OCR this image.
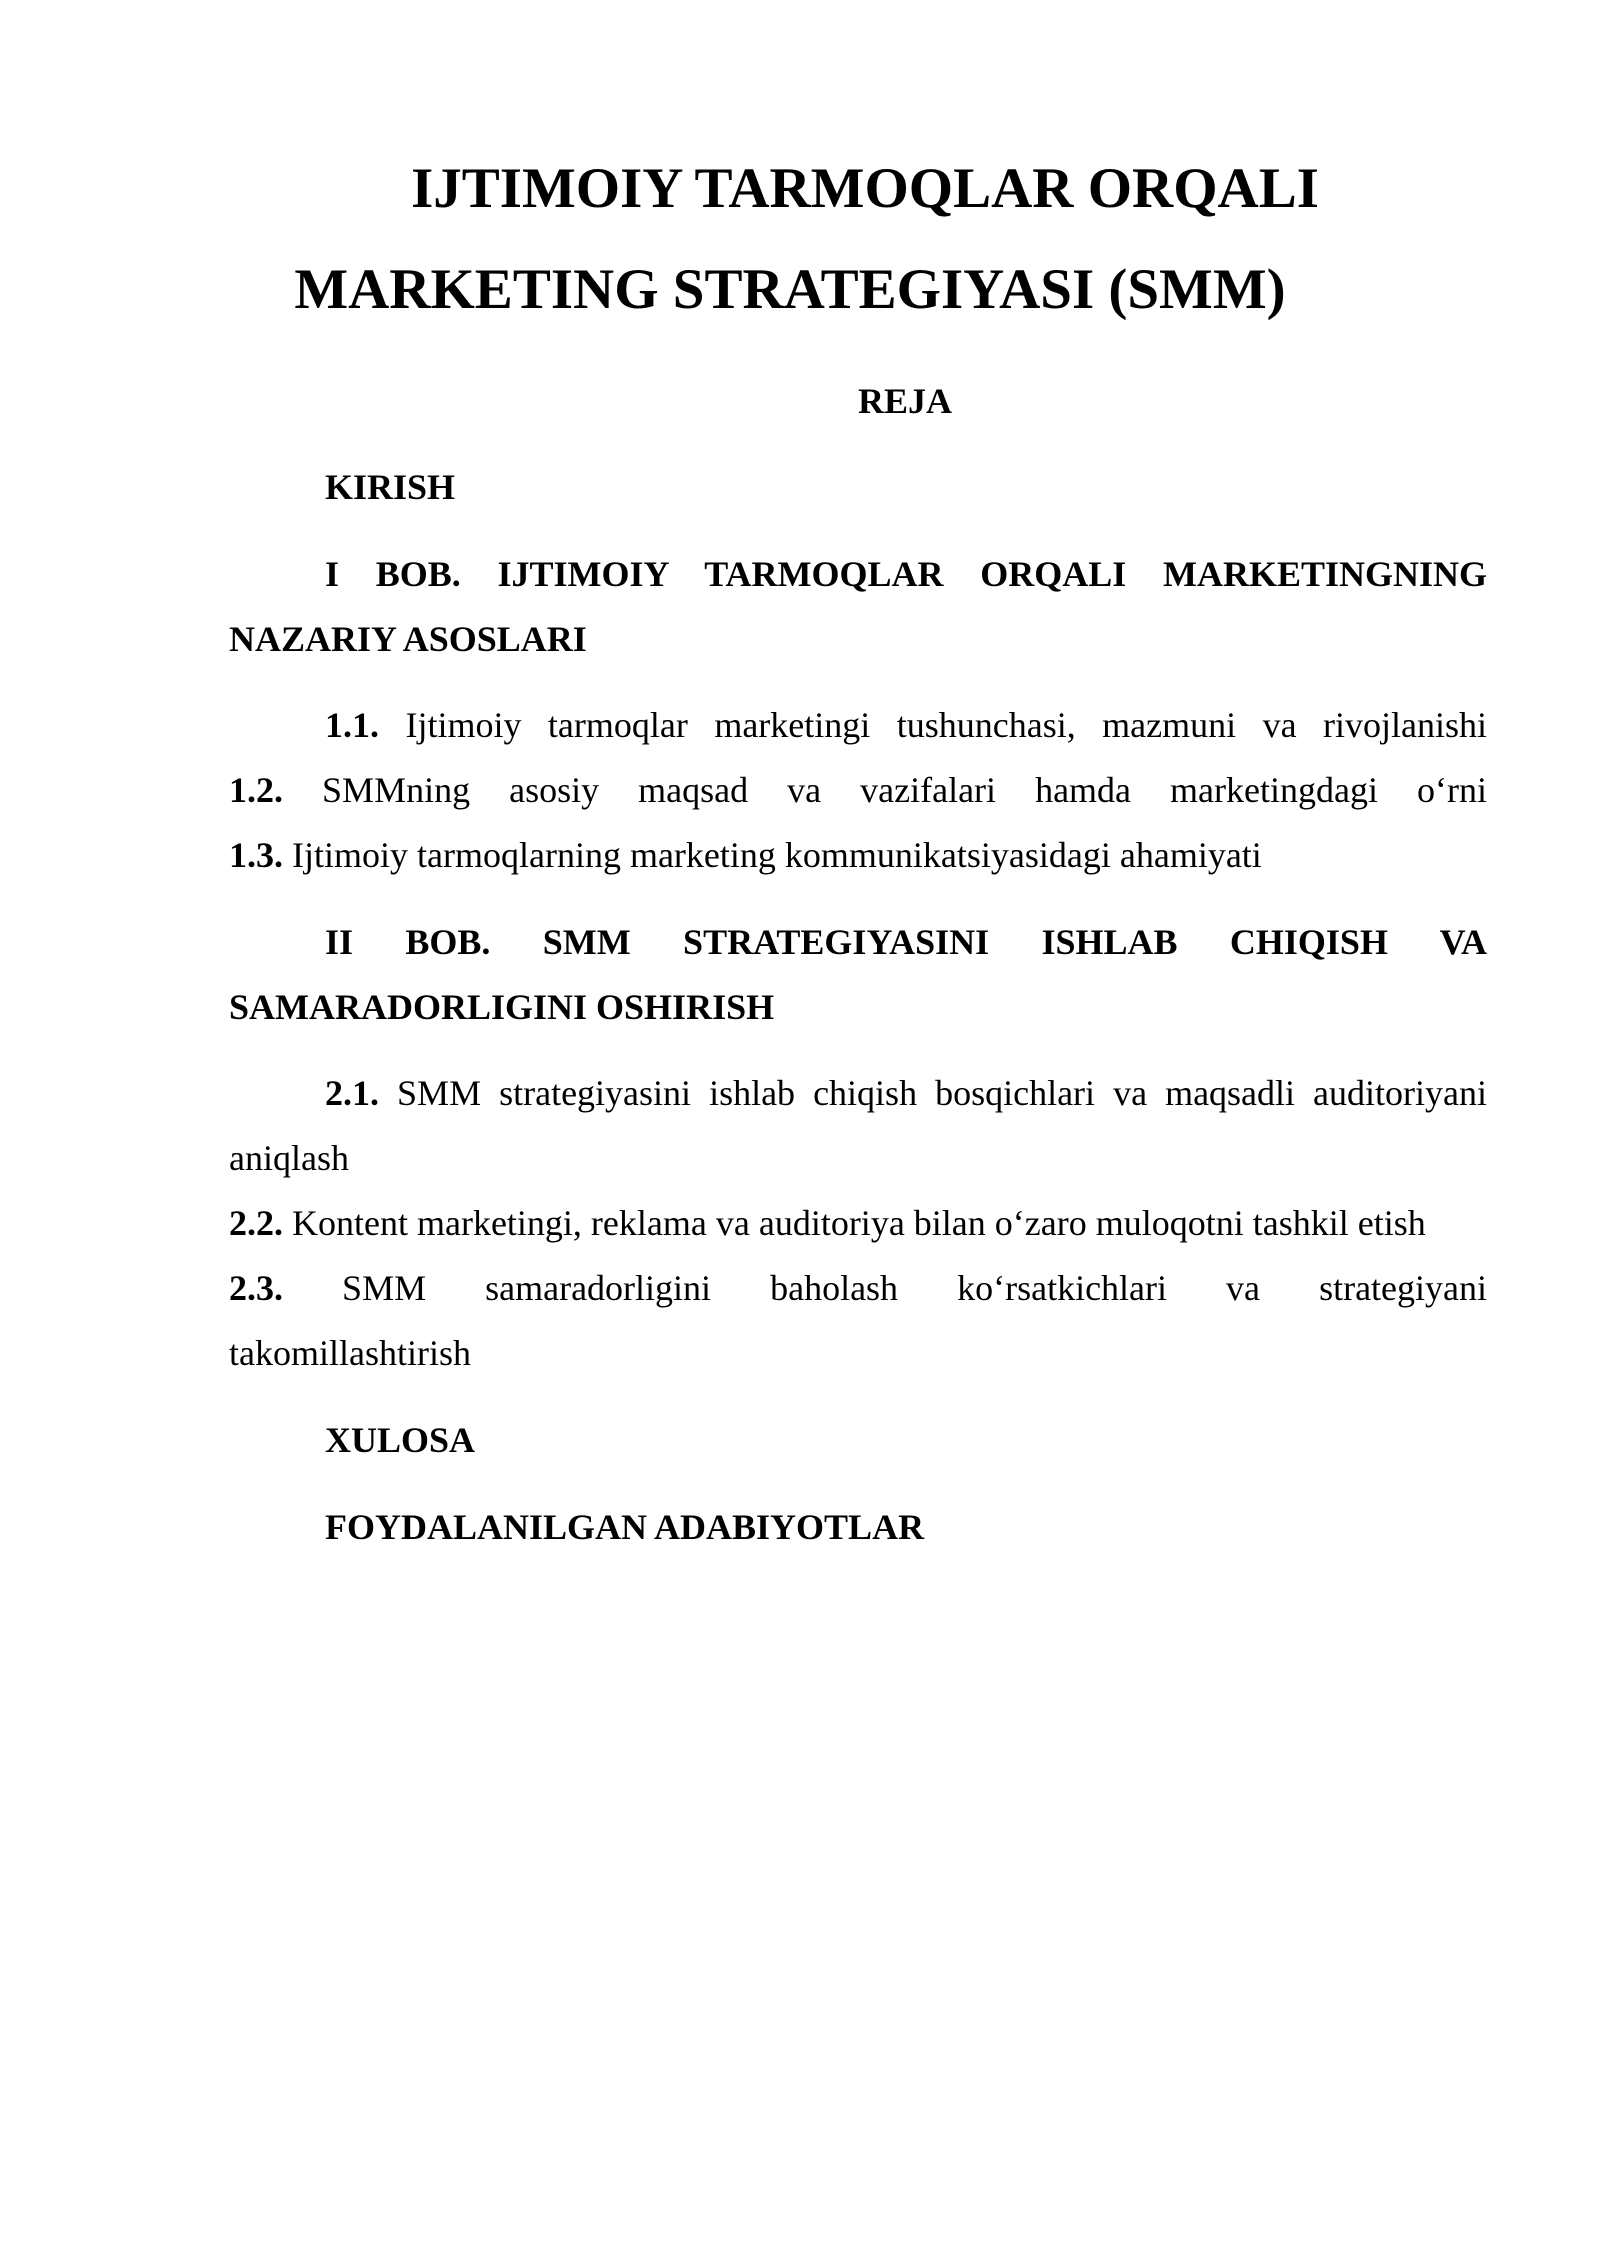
IJTIMOIY TARMOQLAR ORQALI
MARKETING STRATEGIYASI (SMM)
REJA
KIRISH
I BOB. IJTIMOIY TARMOQLAR ORQALI MARKETINGNING
NAZARIY ASOSLARI
1.1. Ijtimoiy tarmoqlar marketingi tushunchasi, mazmuni va rivojlanishi
1.2. SMMning asosiy maqsad va vazifalari hamda marketingdagi o‘rni
1.3. Ijtimoiy tarmoqlarning marketing kommunikatsiyasidagi ahamiyati
II BOB. SMM STRATEGIYASINI ISHLAB CHIQISH VA
SAMARADORLIGINI OSHIRISH
2.1. SMM strategiyasini ishlab chiqish bosqichlari va maqsadli auditoriyani
aniqlash
2.2. Kontent marketingi, reklama va auditoriya bilan o‘zaro muloqotni tashkil etish
2.3. SMM samaradorligini baholash ko‘rsatkichlari va strategiyani
takomillashtirish
XULOSA
FOYDALANILGAN ADABIYOTLAR
